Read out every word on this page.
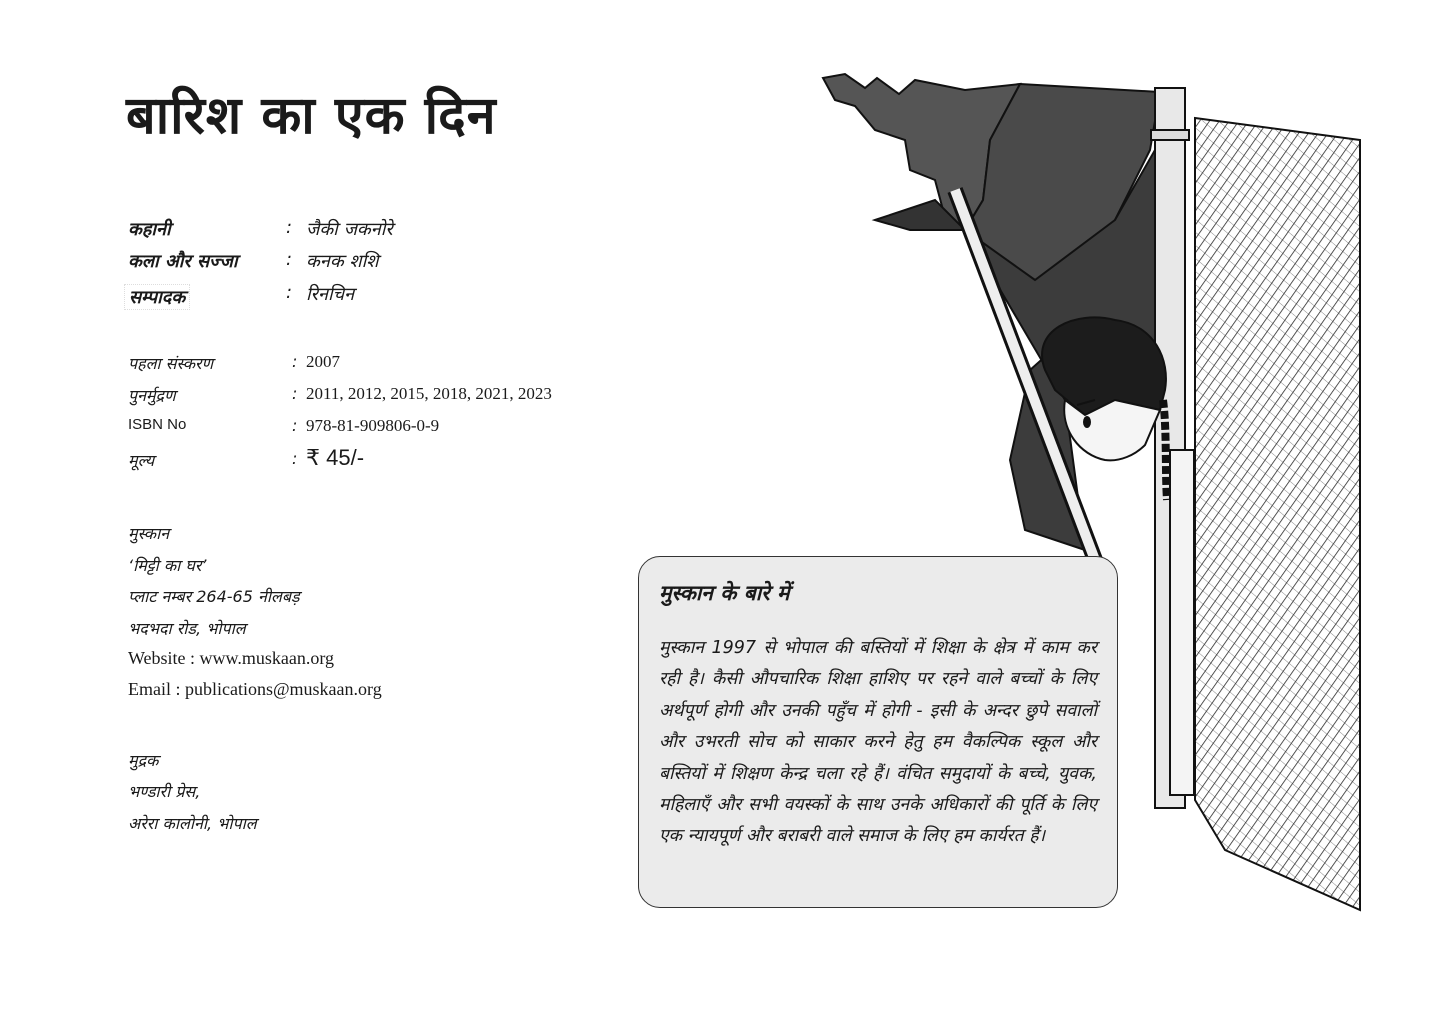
बारिश का एक दिन
कहानी	: जैकी जकनोरे
कला और सज्जा	: कनक शशि
सम्पादक	: रिनचिन
पहला संस्करण	: 2007
पुनर्मुद्रण	: 2011, 2012, 2015, 2018, 2021, 2023
ISBN No	: 978-81-909806-0-9
मूल्य	: ₹ 45/-
मुस्कान
‘मिट्टी का घर’
प्लाट नम्बर 264-65 नीलबड़
भदभदा रोड, भोपाल
Website : www.muskaan.org
Email : publications@muskaan.org
मुद्रक
भण्डारी प्रेस,
अरेरा कालोनी, भोपाल
मुस्कान के बारे में

मुस्कान 1997 से भोपाल की बस्तियों में शिक्षा के क्षेत्र में काम कर रही है। कैसी औपचारिक शिक्षा हाशिए पर रहने वाले बच्चों के लिए अर्थपूर्ण होगी और उनकी पहुँच में होगी - इसी के अन्दर छुपे सवालों और उभरती सोच को साकार करने हेतु हम वैकल्पिक स्कूल और बस्तियों में शिक्षण केन्द्र चला रहे हैं। वंचित समुदायों के बच्चे, युवक, महिलाएँ और सभी वयस्कों के साथ उनके अधिकारों की पूर्ति के लिए एक न्यायपूर्ण और बराबरी वाले समाज के लिए हम कार्यरत हैं।
